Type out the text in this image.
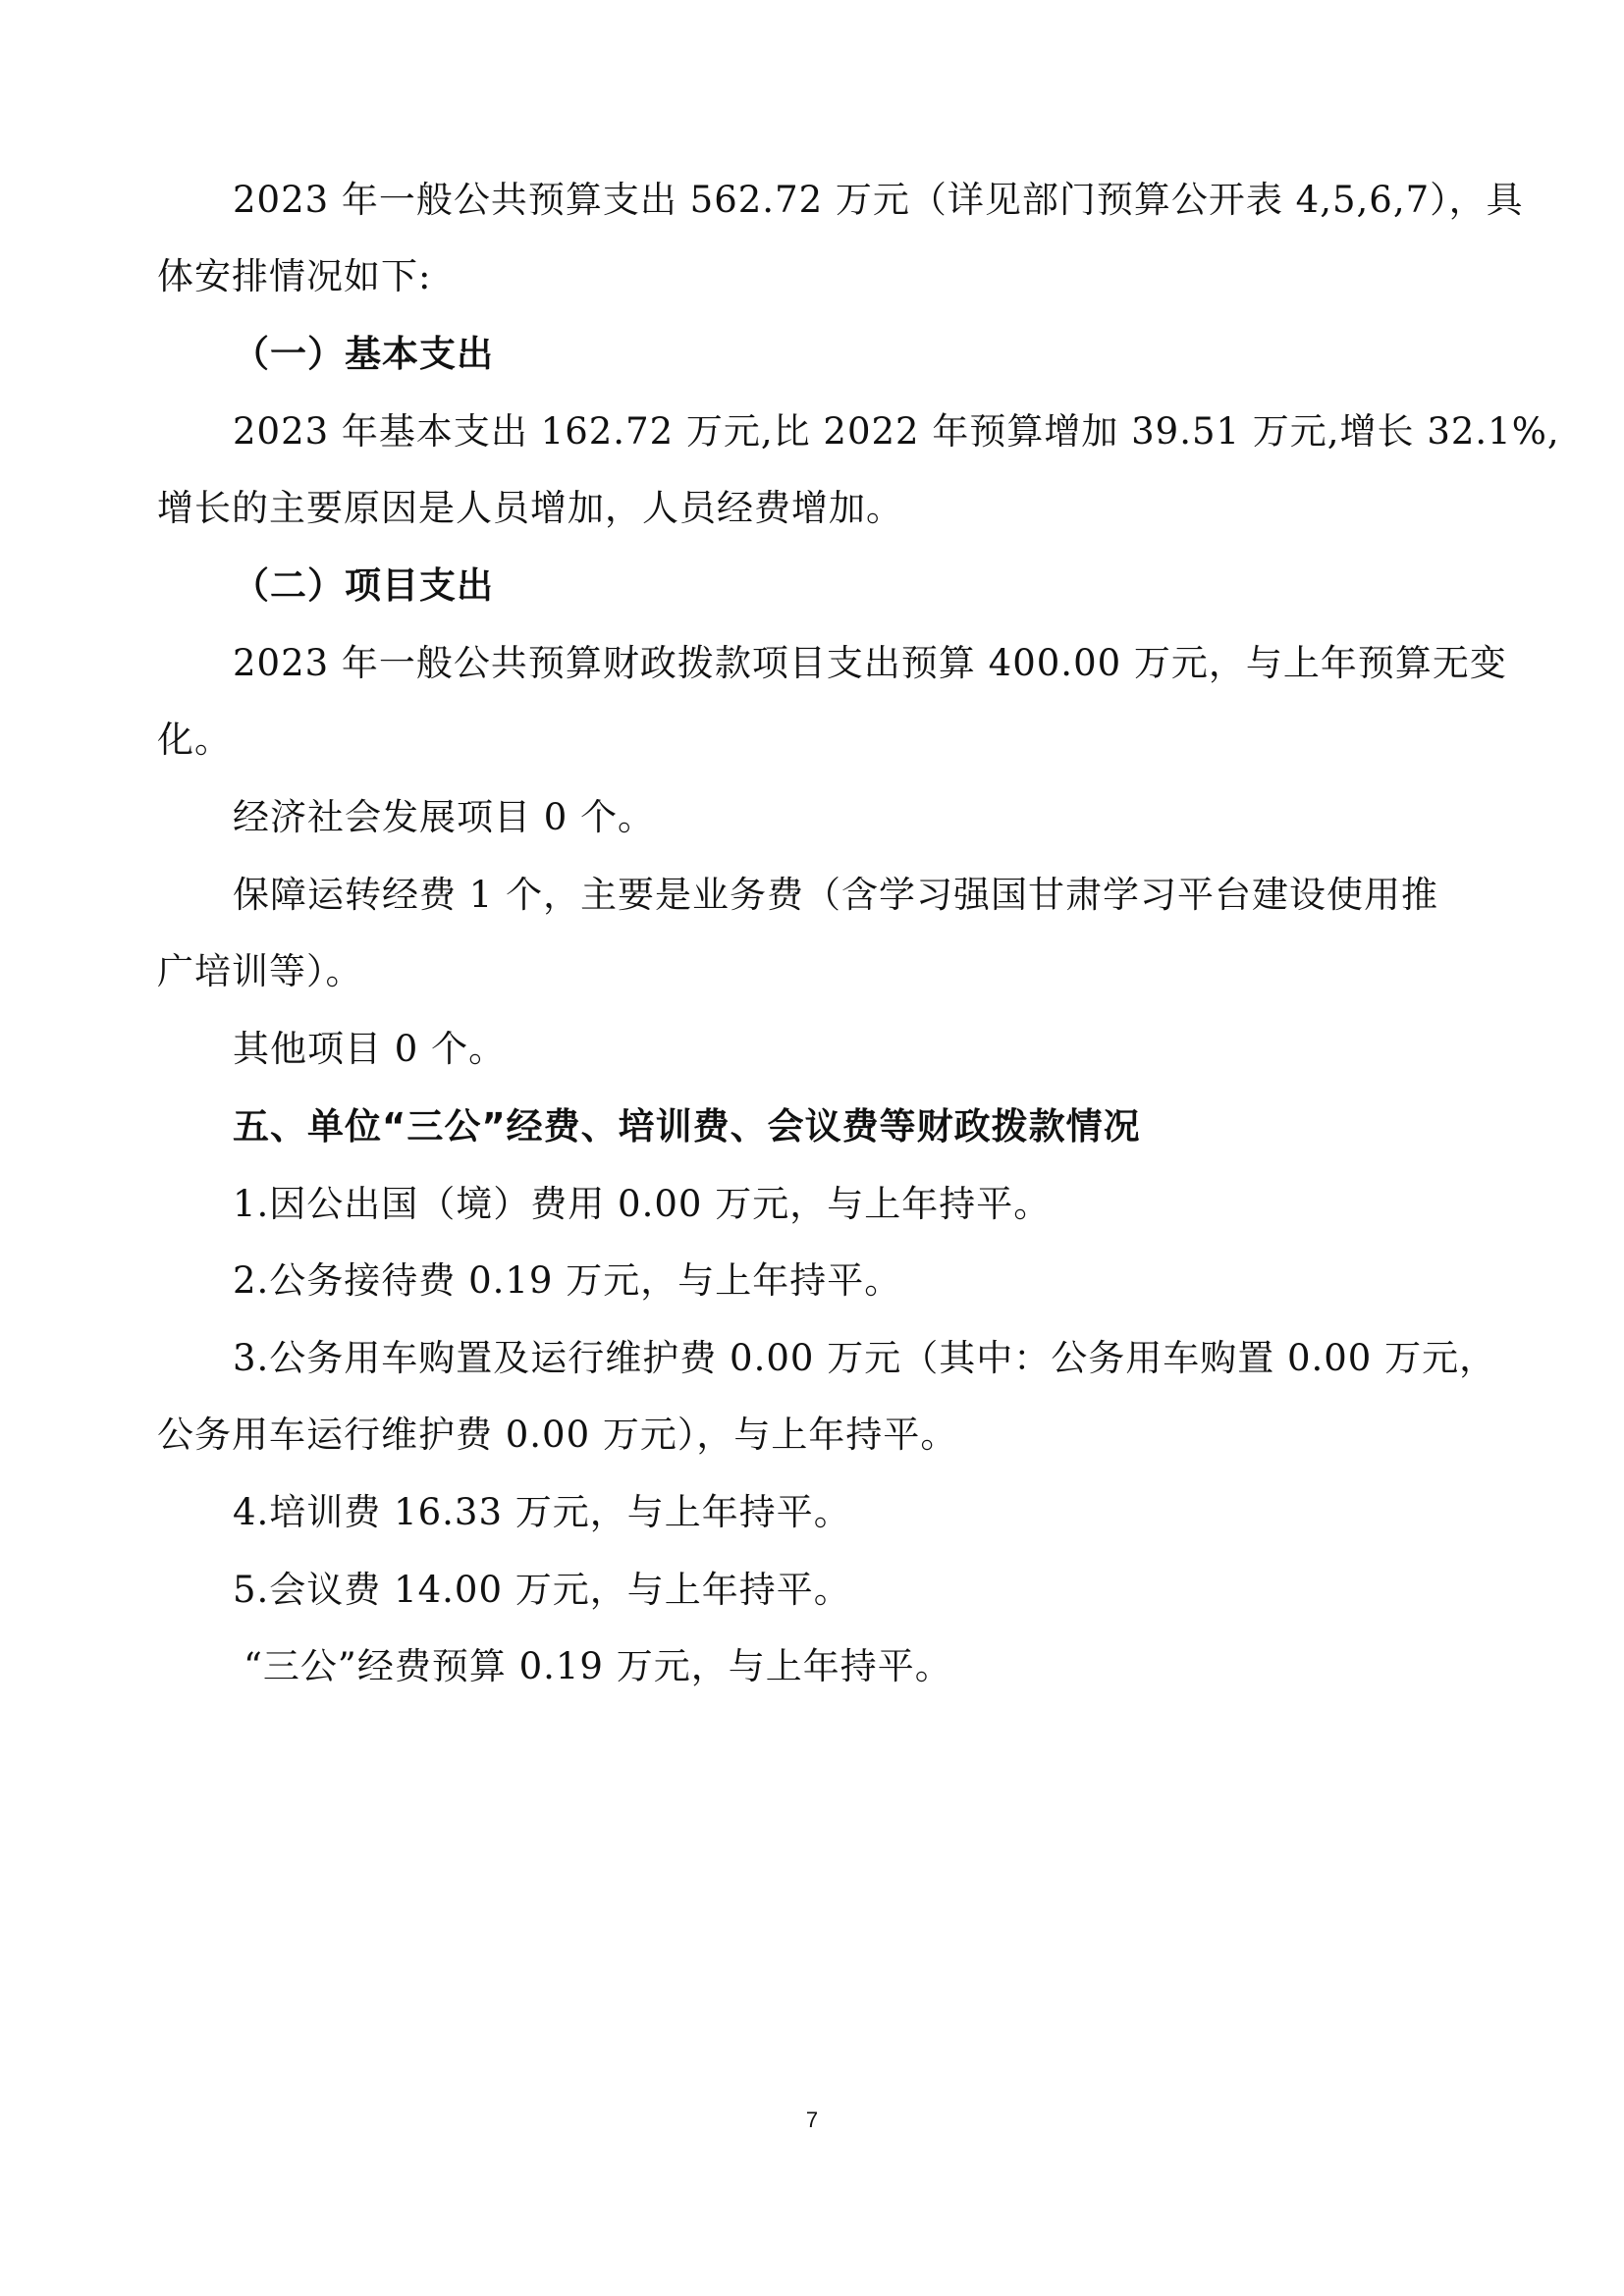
2023 年一般公共预算支出 562.72 万元（详见部门预算公开表 4,5,6,7），具
体安排情况如下:
（一）基本支出
2023 年基本支出 162.72 万元,比 2022 年预算增加 39.51 万元,增长 32.1%,
增长的主要原因是人员增加，人员经费增加。
（二）项目支出
2023 年一般公共预算财政拨款项目支出预算 400.00 万元，与上年预算无变
化。
经济社会发展项目 0 个。
保障运转经费 1 个，主要是业务费（含学习强国甘肃学习平台建设使用推
广培训等）。
其他项目 0 个。
五、单位“三公”经费、培训费、会议费等财政拨款情况
1.因公出国（境）费用 0.00 万元，与上年持平。
2.公务接待费 0.19 万元，与上年持平。
3.公务用车购置及运行维护费 0.00 万元（其中：公务用车购置 0.00 万元，
公务用车运行维护费 0.00 万元），与上年持平。
4.培训费 16.33 万元，与上年持平。
5.会议费 14.00 万元，与上年持平。
“三公”经费预算 0.19 万元，与上年持平。
7
